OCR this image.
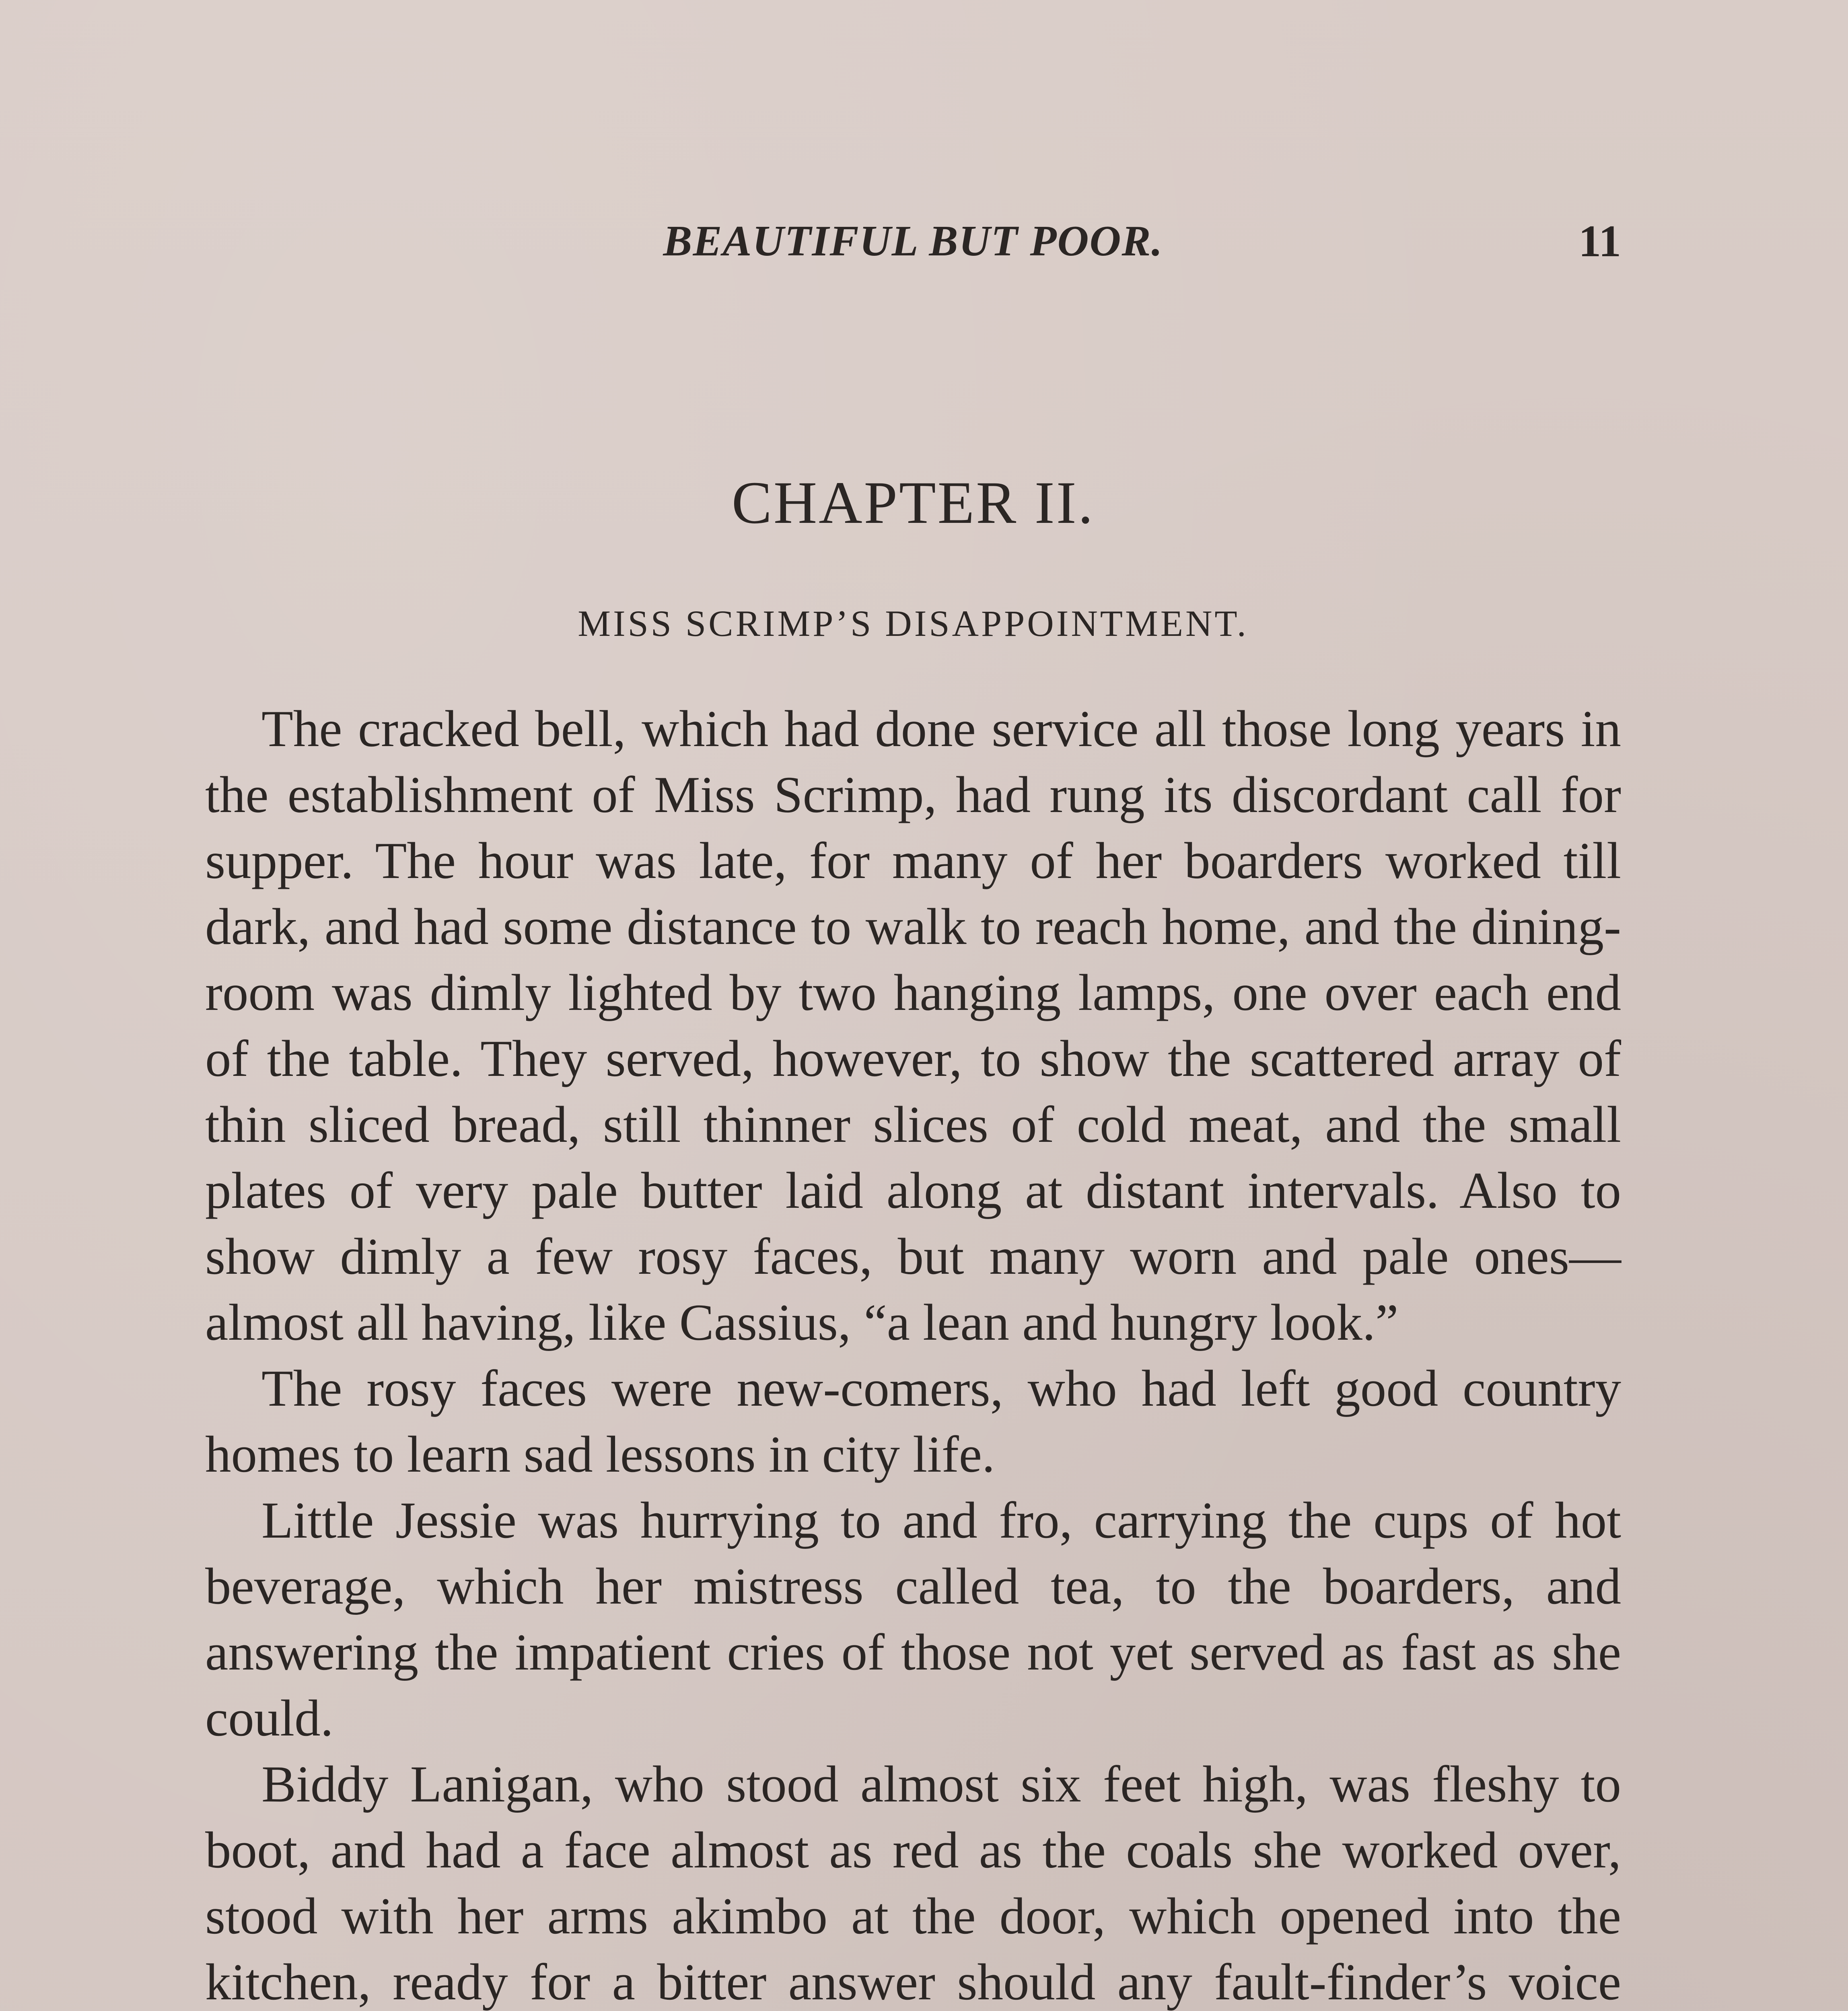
BEAUTIFUL BUT POOR.	11
CHAPTER II.
MISS SCRIMP’S DISAPPOINTMENT.

The cracked bell, which had done service all those long years in the establishment of Miss Scrimp, had rung its discordant call for supper. The hour was late, for many of her boarders worked till dark, and had some distance to walk to reach home, and the dining-room was dimly lighted by two hanging lamps, one over each end of the table. They served, however, to show the scattered array of thin sliced bread, still thinner slices of cold meat, and the small plates of very pale butter laid along at distant intervals. Also to show dimly a few rosy faces, but many worn and pale ones—almost all having, like Cassius, “a lean and hungry look.”

The rosy faces were new-comers, who had left good country homes to learn sad lessons in city life.

Little Jessie was hurrying to and fro, carrying the cups of hot beverage, which her mistress called tea, to the boarders, and answering the impatient cries of those not yet served as fast as she could.

Biddy Lanigan, who stood almost six feet high, was fleshy to boot, and had a face almost as red as the coals she worked over, stood with her arms akimbo at the door, which opened into the kitchen, ready for a bitter answer should any fault-finder’s voice
